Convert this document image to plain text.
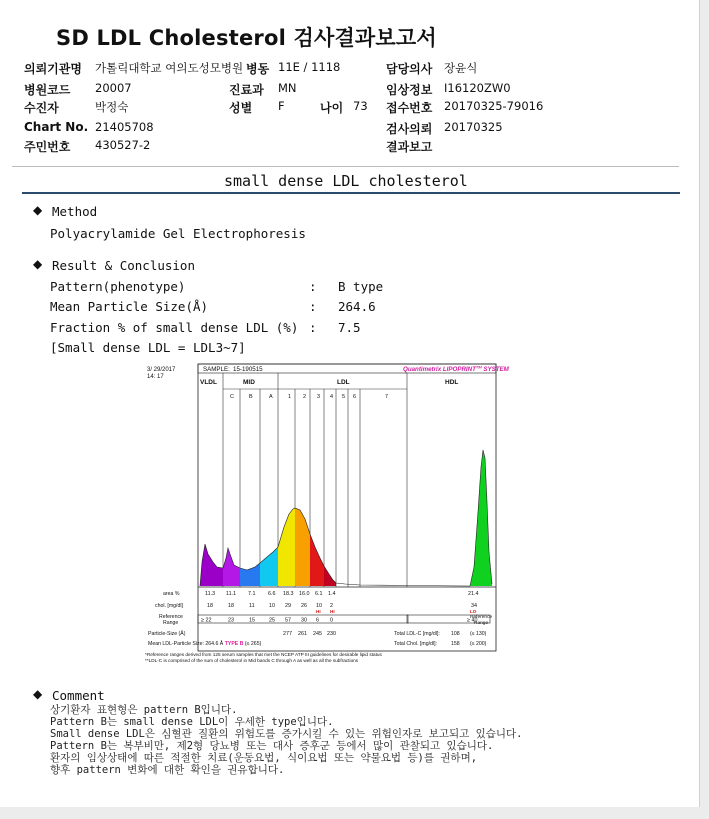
SD LDL Cholesterol 검사결과보고서
의뢰기관명 가톨릭대학교 여의도성모병원 병동 11E / 1118	담당의사 장윤식
병원코드 20007	진료과 MN	임상정보 I16120ZW0
수진자	박정숙	성별 F	나이 73 접수번호 20170325-79016
Chart No. 21405708	검사의뢰 20170325
주민번호 430527-2	결과보고
small dense LDL cholesterol
◆ Method
Polyacrylamide Gel Electrophoresis
◆ Result & Conclusion
Pattern(phenotype)	: B type
Mean Particle Size(Å)	: 264.6
Fraction % of small dense LDL (%) : 7.5
[Small dense LDL = LDL3~7]
3/ 29/2017
14: 17
SAMPLE: 15-190515	Quantimetrix LIPOPRINT™ SYSTEM
VLDL	MID	LDL	HDL
C	B	A	1 2 3 4 5 6	7
area %	11.3 11.1 7.1 6.6 18.3 16.0 6.1 1.4	21.4
chol. [mg/dl]	18	18	11	10 29 26 10 2	34
HI HI	LO
Reference
Range	≥ 22	23	15	25 57 30 6 0	≥ 40
Reference
Range
Particle-Size (Å)	277 261 245 230
Mean LDL-Particle Size: 264.6 Å TYPE B (≤ 265)
Total LDL-C [mg/dl]: 108 (≤ 130)
Total Chol. [mg/dl]:	158 (≤ 200)
*Reference ranges derived from 125 serum samples that met the NCEP ATP III guidelines for desirable lipid status
**LDL-C is comprised of the sum of cholesterol in Mid bands C through A as well as all the subfractions
◆ Comment
상기환자 표현형은 pattern B입니다.
Pattern B는 small dense LDL이 우세한 type입니다.
Small dense LDL은 심혈관 질환의 위험도를 증가시킬 수 있는 위험인자로 보고되고 있습니다.
Pattern B는 복부비만, 제2형 당뇨병 또는 대사 증후군 등에서 많이 관찰되고 있습니다.
환자의 임상상태에 따른 적절한 치료(운동요법, 식이요법 또는 약물요법 등)를 권하며,
향후 pattern 변화에 대한 확인을 권유합니다.
